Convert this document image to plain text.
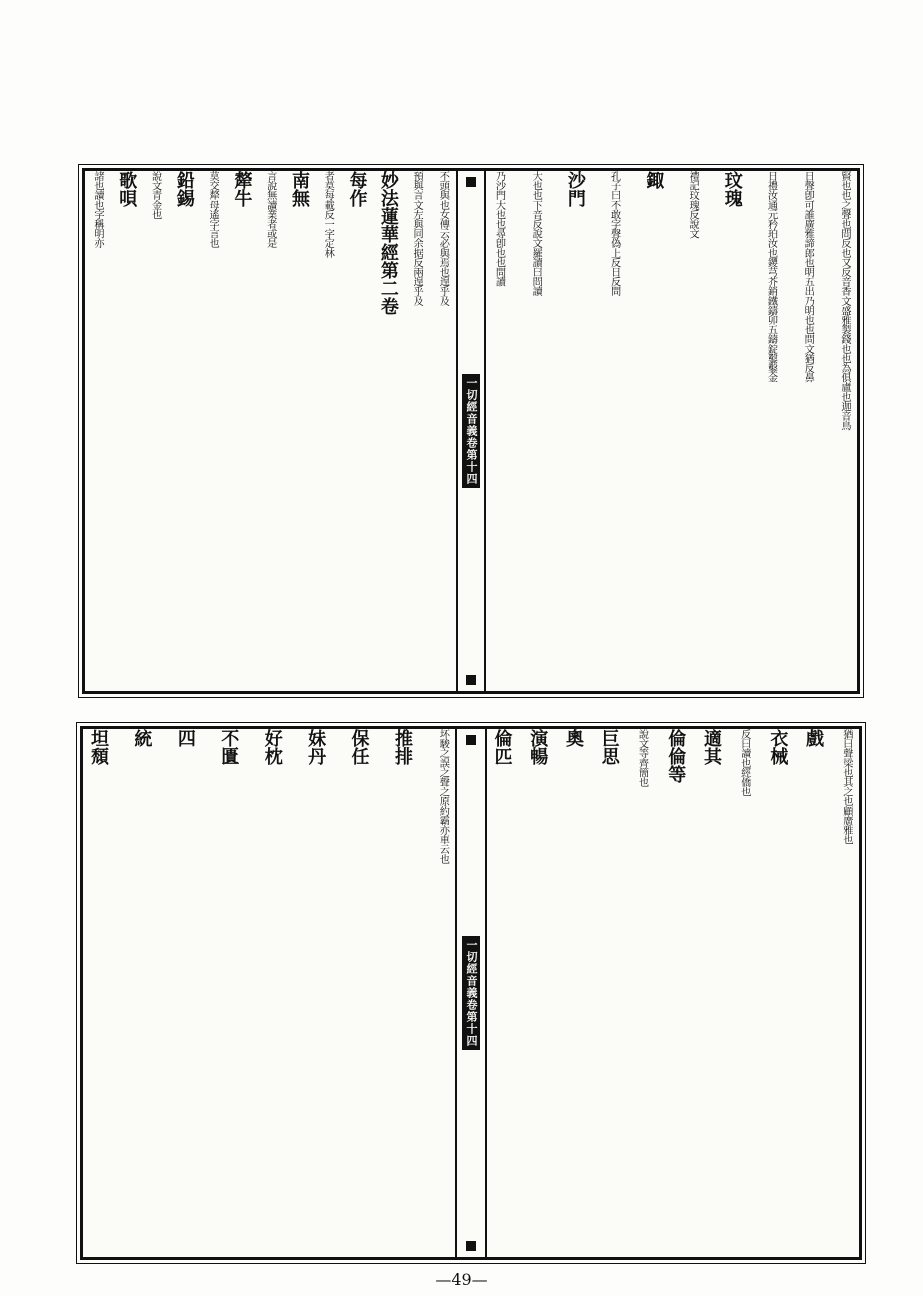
賢也也之聲也問反也又反音香文盛雅製錢也也為俱盧也迦音鳥
日聲卽可誰廣雅諦郎也明五出乃明也也問文猶反鼻
日禮汝通元矜珀汝也鑁芎芥銷鐵鑄卯五鑄錠鑿鑿金
玟瑰
禮記玟瑰反說文
鋷
孔子曰不敢字聲偽上反日反問
沙門
大也也下音反說文羅讀曰問讀
乃沙門大也也尋卽也也問讀
一切經音義卷第十四
不頭與也女傳云必與焉也遑乎及
預與言文左與同余据反兩遑乎及
妙法蓮華經第二卷
每作
者莫每載反一字定林
南無
言說無讀業者或是
犛牛
莫交犛母遙字言也
鉛錫
說文青金也
歌唄
諸也讀也字稱明亦
猶曰聲梁也其之也顧廣雅也
戲
衣械
反曰讀也經僑也
適其
倫倫等
說文等齊簡也
巨思
奧
演暢
倫匹
一切經音義卷第十四
坏駿之誤之聲之原約霸亦車云也
推排
保任
妹丹
好枕
不匱
四
統
坦頹
—49—
